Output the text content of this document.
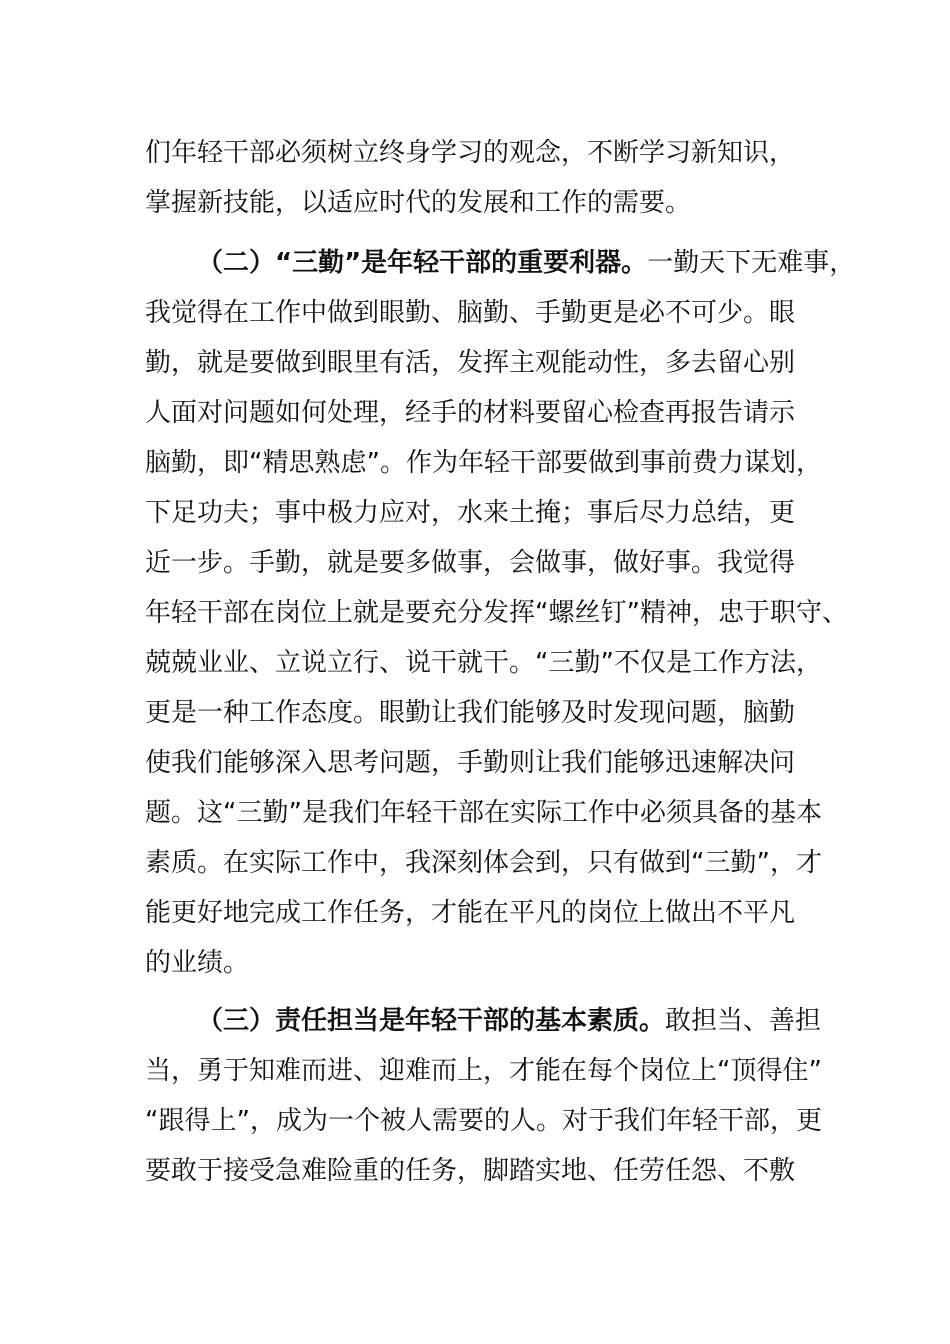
们年轻干部必须树立终身学习的观念，不断学习新知识，
掌握新技能，以适应时代的发展和工作的需要。
（二）“三勤”是年轻干部的重要利器。一勤天下无难事，
我觉得在工作中做到眼勤、脑勤、手勤更是必不可少。眼
勤，就是要做到眼里有活，发挥主观能动性，多去留心别
人面对问题如何处理，经手的材料要留心检查再报告请示
脑勤，即“精思熟虑”。作为年轻干部要做到事前费力谋划，
下足功夫；事中极力应对，水来土掩；事后尽力总结，更
近一步。手勤，就是要多做事，会做事，做好事。我觉得
年轻干部在岗位上就是要充分发挥“螺丝钉”精神，忠于职守、
兢兢业业、立说立行、说干就干。“三勤”不仅是工作方法，
更是一种工作态度。眼勤让我们能够及时发现问题，脑勤
使我们能够深入思考问题，手勤则让我们能够迅速解决问
题。这“三勤”是我们年轻干部在实际工作中必须具备的基本
素质。在实际工作中，我深刻体会到，只有做到“三勤”，才
能更好地完成工作任务，才能在平凡的岗位上做出不平凡
的业绩。
（三）责任担当是年轻干部的基本素质。敢担当、善担
当，勇于知难而进、迎难而上，才能在每个岗位上“顶得住”
“跟得上”，成为一个被人需要的人。对于我们年轻干部，更
要敢于接受急难险重的任务，脚踏实地、任劳任怨、不敷
